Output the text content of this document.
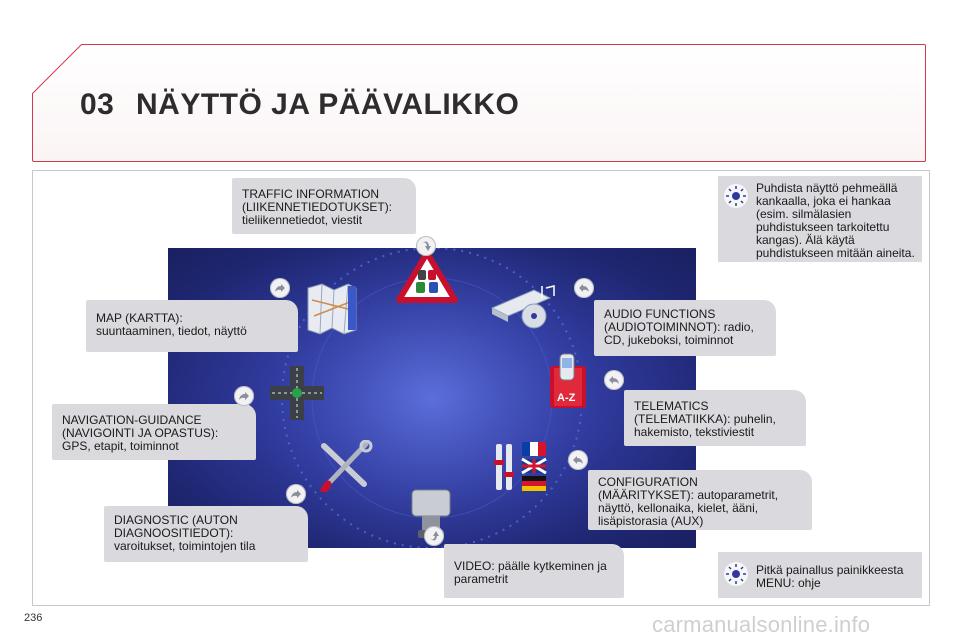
03 NÄYTTÖ JA PÄÄVALIKKO
A-Z
TRAFFIC INFORMATION
(LIIKENNETIEDOTUKSET):
tieliikennetiedot, viestit
MAP (KARTTA):
suuntaaminen, tiedot, näyttö
NAVIGATION-GUIDANCE
(NAVIGOINTI JA OPASTUS):
GPS, etapit, toiminnot
DIAGNOSTIC (AUTON
DIAGNOOSITIEDOT):
varoitukset, toimintojen tila
AUDIO FUNCTIONS
(AUDIOTOIMINNOT): radio,
CD, jukeboksi, toiminnot
TELEMATICS
(TELEMATIIKKA): puhelin,
hakemisto, tekstiviestit
CONFIGURATION
(MÄÄRITYKSET): autoparametrit,
näyttö, kellonaika, kielet, ääni,
lisäpistorasia (AUX)
VIDEO: päälle kytkeminen ja
parametrit
Puhdista näyttö pehmeällä
kankaalla, joka ei hankaa
(esim. silmälasien
puhdistukseen tarkoitettu
kangas). Älä käytä
puhdistukseen mitään aineita.
Pitkä painallus painikkeesta
MENU: ohje
236	carmanualsonline.info
